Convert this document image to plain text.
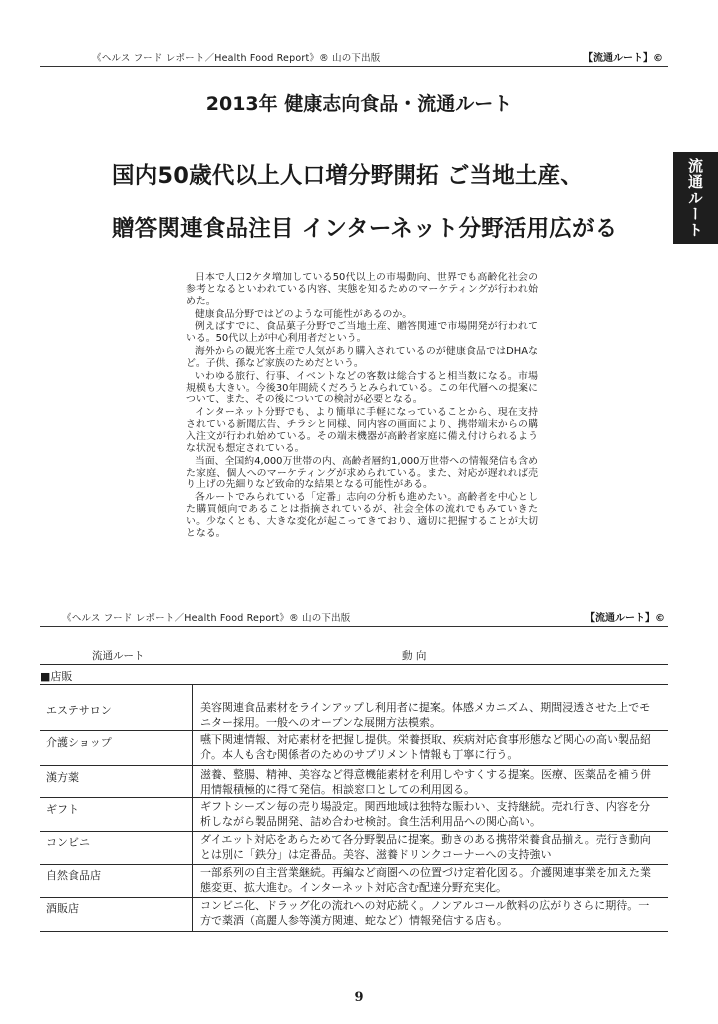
《ヘルス フード レポート／Health Food Report》® 山の下出版	【流通ルート】©
2013年 健康志向食品・流通ルート
国内50歳代以上人口増分野開拓 ご当地土産、
贈答関連食品注目 インターネット分野活用広がる	流通ルート

日本で人口2ケタ増加している50代以上の市場動向、世界でも高齢化社会の参考となるといわれている内容、実態を知るためのマーケティングが行われ始めた。

健康食品分野ではどのような可能性があるのか。

例えばすでに、食品菓子分野でご当地土産、贈答関連で市場開発が行われている。50代以上が中心利用者だという。

海外からの観光客土産で人気があり購入されているのが健康食品ではDHAなど。子供、孫など家族のためだという。

いわゆる旅行、行事、イベントなどの客数は総合すると相当数になる。市場規模も大きい。今後30年間続くだろうとみられている。この年代層への提案について、また、その後についての検討が必要となる。

インターネット分野でも、より簡単に手軽になっていることから、現在支持されている新聞広告、チラシと同様、同内容の画面により、携帯端末からの購入注文が行われ始めている。その端末機器が高齢者家庭に備え付けられるような状況も想定されている。

当面、全国約4,000万世帯の内、高齢者層約1,000万世帯への情報発信も含めた家庭、個人へのマーケティングが求められている。また、対応が遅れれば売り上げの先細りなど致命的な結果となる可能性がある。

各ルートでみられている「定番」志向の分析も進めたい。高齢者を中心とした購買傾向であることは指摘されているが、社会全体の流れでもみていきたい。少なくとも、大きな変化が起こってきており、適切に把握することが大切となる。

《ヘルス フード レポート／Health Food Report》® 山の下出版	【流通ルート】©
流通ルート	動 向
■店販
エステサロン	美容関連食品素材をラインアップし利用者に提案。体感メカニズム、期間浸透させた上でモニター採用。一般へのオープンな展開方法模索。
介護ショップ	嚥下関連情報、対応素材を把握し提供。栄養摂取、疾病対応食事形態など関心の高い製品紹介。本人も含む関係者のためのサプリメント情報も丁寧に行う。
漢方薬	滋養、整腸、精神、美容など得意機能素材を利用しやすくする提案。医療、医薬品を補う併用情報積極的に得て発信。相談窓口としての利用図る。
ギフト	ギフトシーズン毎の売り場設定。関西地域は独特な賑わい、支持継続。売れ行き、内容を分析しながら製品開発、詰め合わせ検討。食生活利用品への関心高い。
コンビニ	ダイエット対応をあらためて各分野製品に提案。動きのある携帯栄養食品揃え。売行き動向とは別に「鉄分」は定番品。美容、滋養ドリンクコーナーへの支持強い
自然食品店	一部系列の自主営業継続。再編など商圏への位置づけ定着化図る。介護関連事業を加えた業態変更、拡大進む。インターネット対応含む配達分野充実化。
酒販店	コンビニ化、ドラッグ化の流れへの対応続く。ノンアルコール飲料の広がりさらに期待。一方で薬酒（高麗人参等漢方関連、蛇など）情報発信する店も。
9
